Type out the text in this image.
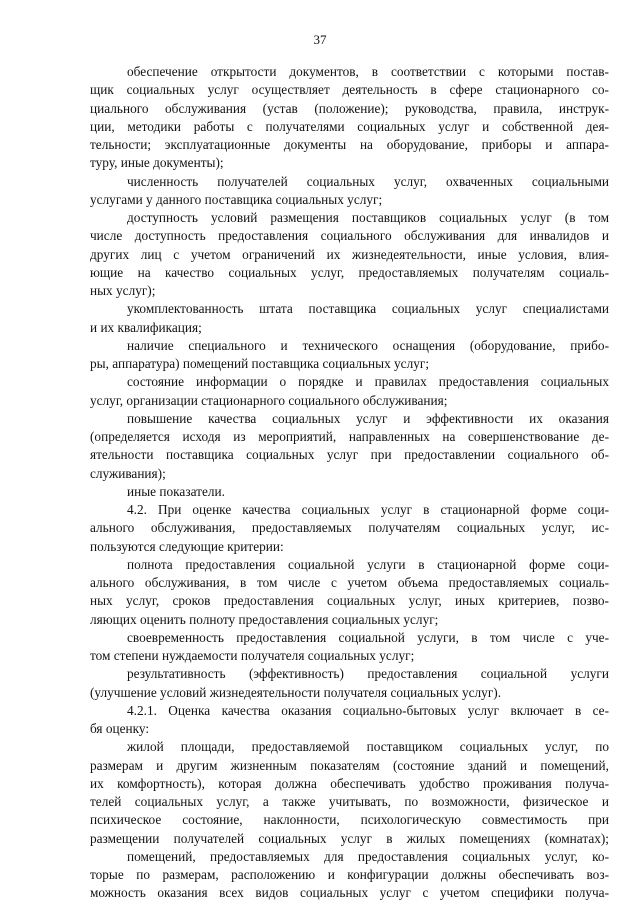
37
обеспечение открытости документов, в соответствии с которыми постав-
щик социальных услуг осуществляет деятельность в сфере стационарного со-
циального обслуживания (устав (положение); руководства, правила, инструк-
ции, методики работы с получателями социальных услуг и собственной дея-
тельности; эксплуатационные документы на оборудование, приборы и аппара-
туру, иные документы);
численность получателей социальных услуг, охваченных социальными
услугами у данного поставщика социальных услуг;
доступность условий размещения поставщиков социальных услуг (в том
числе доступность предоставления социального обслуживания для инвалидов и
других лиц с учетом ограничений их жизнедеятельности, иные условия, влия-
ющие на качество социальных услуг, предоставляемых получателям социаль-
ных услуг);
укомплектованность штата поставщика социальных услуг специалистами
и их квалификация;
наличие специального и технического оснащения (оборудование, прибо-
ры, аппаратура) помещений поставщика социальных услуг;
состояние информации о порядке и правилах предоставления социальных
услуг, организации стационарного социального обслуживания;
повышение качества социальных услуг и эффективности их оказания
(определяется исходя из мероприятий, направленных на совершенствование де-
ятельности поставщика социальных услуг при предоставлении социального об-
служивания);
иные показатели.
4.2. При оценке качества социальных услуг в стационарной форме соци-
ального обслуживания, предоставляемых получателям социальных услуг, ис-
пользуются следующие критерии:
полнота предоставления социальной услуги в стационарной форме соци-
ального обслуживания, в том числе с учетом объема предоставляемых социаль-
ных услуг, сроков предоставления социальных услуг, иных критериев, позво-
ляющих оценить полноту предоставления социальных услуг;
своевременность предоставления социальной услуги, в том числе с уче-
том степени нуждаемости получателя социальных услуг;
результативность (эффективность) предоставления социальной услуги
(улучшение условий жизнедеятельности получателя социальных услуг).
4.2.1. Оценка качества оказания социально-бытовых услуг включает в се-
бя оценку:
жилой площади, предоставляемой поставщиком социальных услуг, по
размерам и другим жизненным показателям (состояние зданий и помещений,
их комфортность), которая должна обеспечивать удобство проживания получа-
телей социальных услуг, а также учитывать, по возможности, физическое и
психическое состояние, наклонности, психологическую совместимость при
размещении получателей социальных услуг в жилых помещениях (комнатах);
помещений, предоставляемых для предоставления социальных услуг, ко-
торые по размерам, расположению и конфигурации должны обеспечивать воз-
можность оказания всех видов социальных услуг с учетом специфики получа-
